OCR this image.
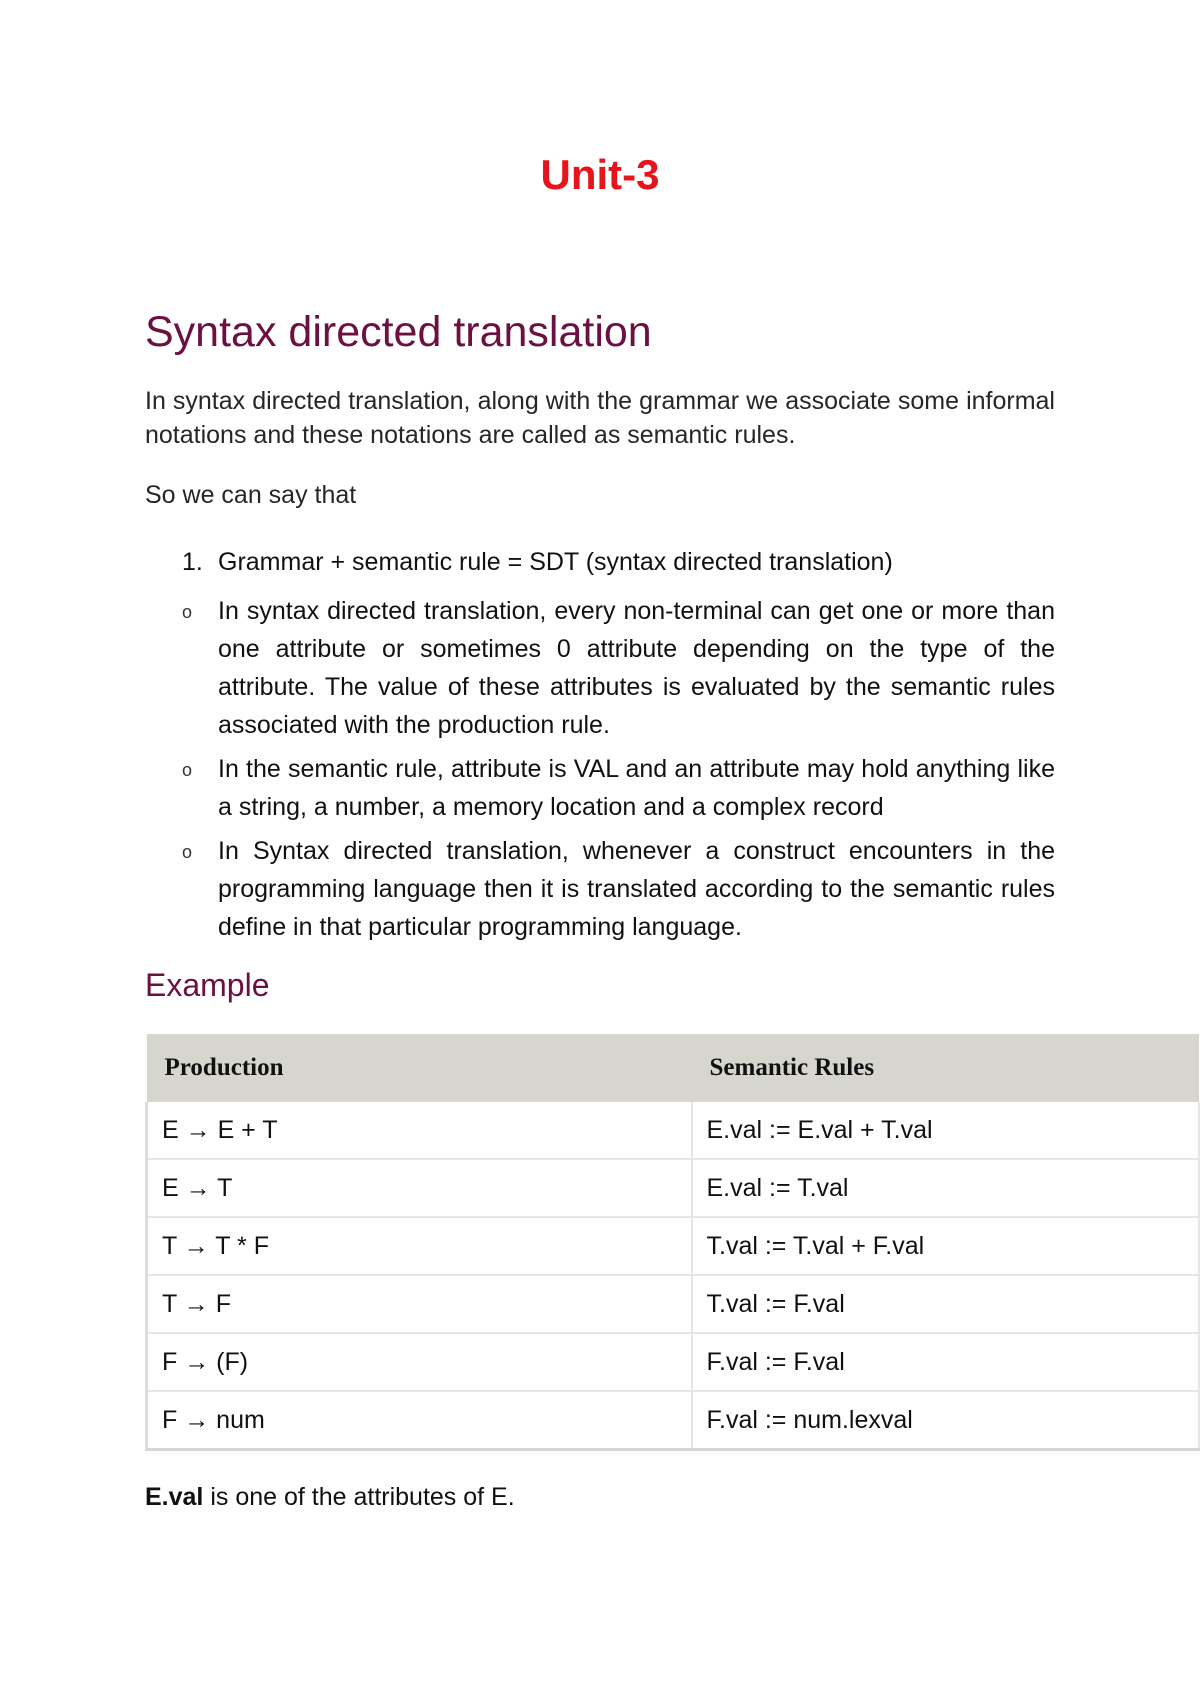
Unit-3
Syntax directed translation
In syntax directed translation, along with the grammar we associate some informal notations and these notations are called as semantic rules.
So we can say that
1. Grammar + semantic rule = SDT (syntax directed translation)
o In syntax directed translation, every non-terminal can get one or more than one attribute or sometimes 0 attribute depending on the type of the attribute. The value of these attributes is evaluated by the semantic rules associated with the production rule.
o In the semantic rule, attribute is VAL and an attribute may hold anything like a string, a number, a memory location and a complex record
o In Syntax directed translation, whenever a construct encounters in the programming language then it is translated according to the semantic rules define in that particular programming language.
Example
Production	Semantic Rules
E → E + T	E.val := E.val + T.val
E → T	E.val := T.val
T → T * F	T.val := T.val + F.val
T → F	T.val := F.val
F → (F)	F.val := F.val
F → num	F.val := num.lexval
E.val is one of the attributes of E.
